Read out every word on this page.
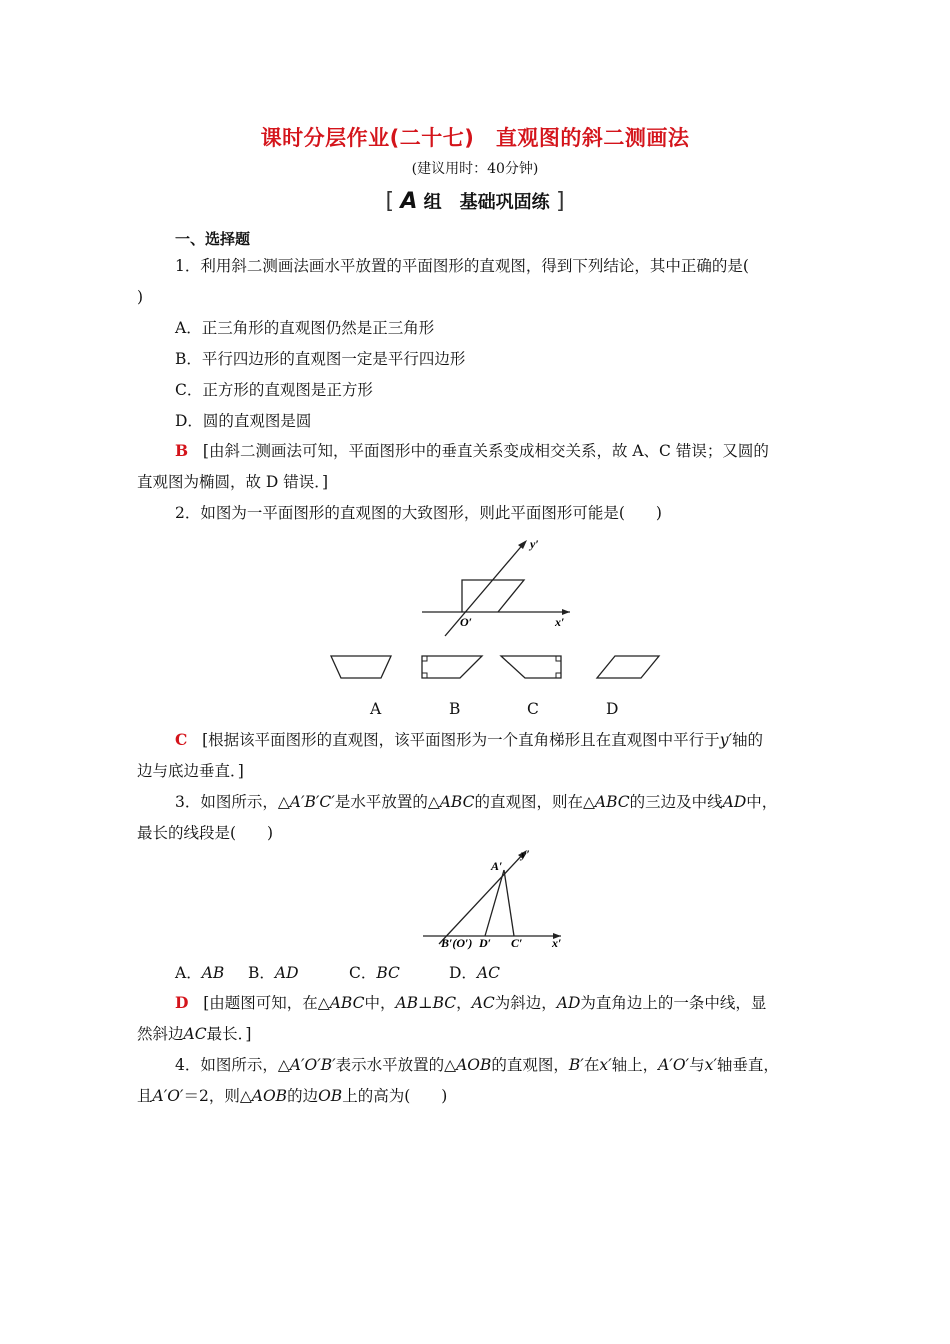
课时分层作业(二十七)　直观图的斜二测画法
(建议用时：40分钟)
[ A 组　基础巩固练 ]
一、选择题
1．利用斜二测画法画水平放置的平面图形的直观图，得到下列结论，其中正确的是(
)
A．正三角形的直观图仍然是正三角形
B．平行四边形的直观图一定是平行四边形
C．正方形的直观图是正方形
D．圆的直观图是圆
B [由斜二测画法可知，平面图形中的垂直关系变成相交关系，故 A、C 错误；又圆的
直观图为椭圆，故 D 错误．]
2．如图为一平面图形的直观图的大致图形，则此平面图形可能是(　　)
y′
x′
O′
A	B	C	D
C [根据该平面图形的直观图，该平面图形为一个直角梯形且在直观图中平行于y′轴的
边与底边垂直．]
3．如图所示，△A′B′C′是水平放置的△ABC的直观图，则在△ABC的三边及中线AD中，
最长的线段是(　　)
A′
y′
B′(O′) D′ C′ x′
A．AB B．AD	C．BC	D．AC
D [由题图可知，在△ABC中，AB⊥BC，AC为斜边，AD为直角边上的一条中线，显
然斜边AC最长．]
4．如图所示，△A′O′B′表示水平放置的△AOB的直观图，B′在x′轴上，A′O′与x′轴垂直，
且A′O′＝2，则△AOB的边OB上的高为(　　)
